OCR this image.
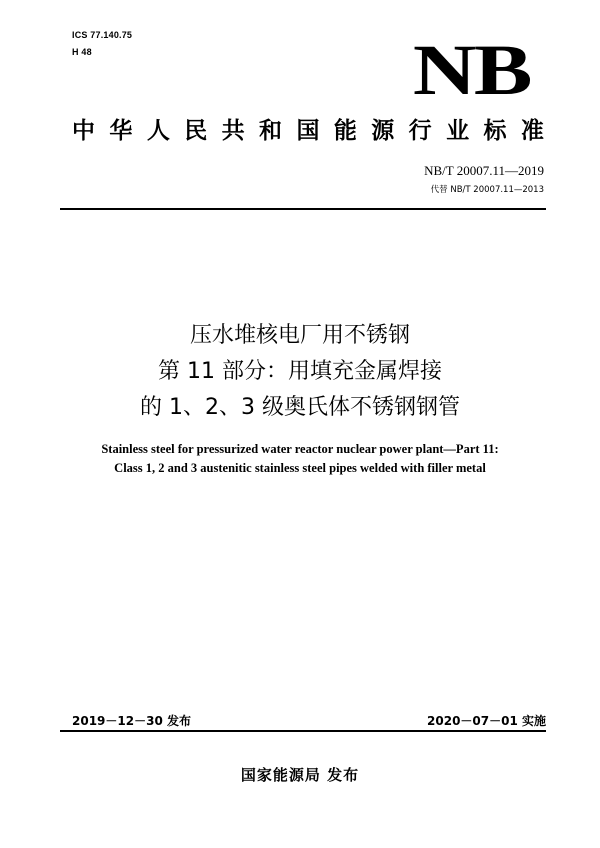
ICS 77.140.75
H 48	NB
中 华 人 民 共 和 国 能 源 行 业 标 准
NB/T 20007.11—2019
代替 NB/T 20007.11—2013
压水堆核电厂用不锈钢
第 11 部分：用填充金属焊接
的 1、2、3 级奥氏体不锈钢钢管
Stainless steel for pressurized water reactor nuclear power plant—Part 11:
Class 1, 2 and 3 austenitic stainless steel pipes welded with filler metal
2019－12－30 发布	2020－07－01 实施
国家能源局 发布
